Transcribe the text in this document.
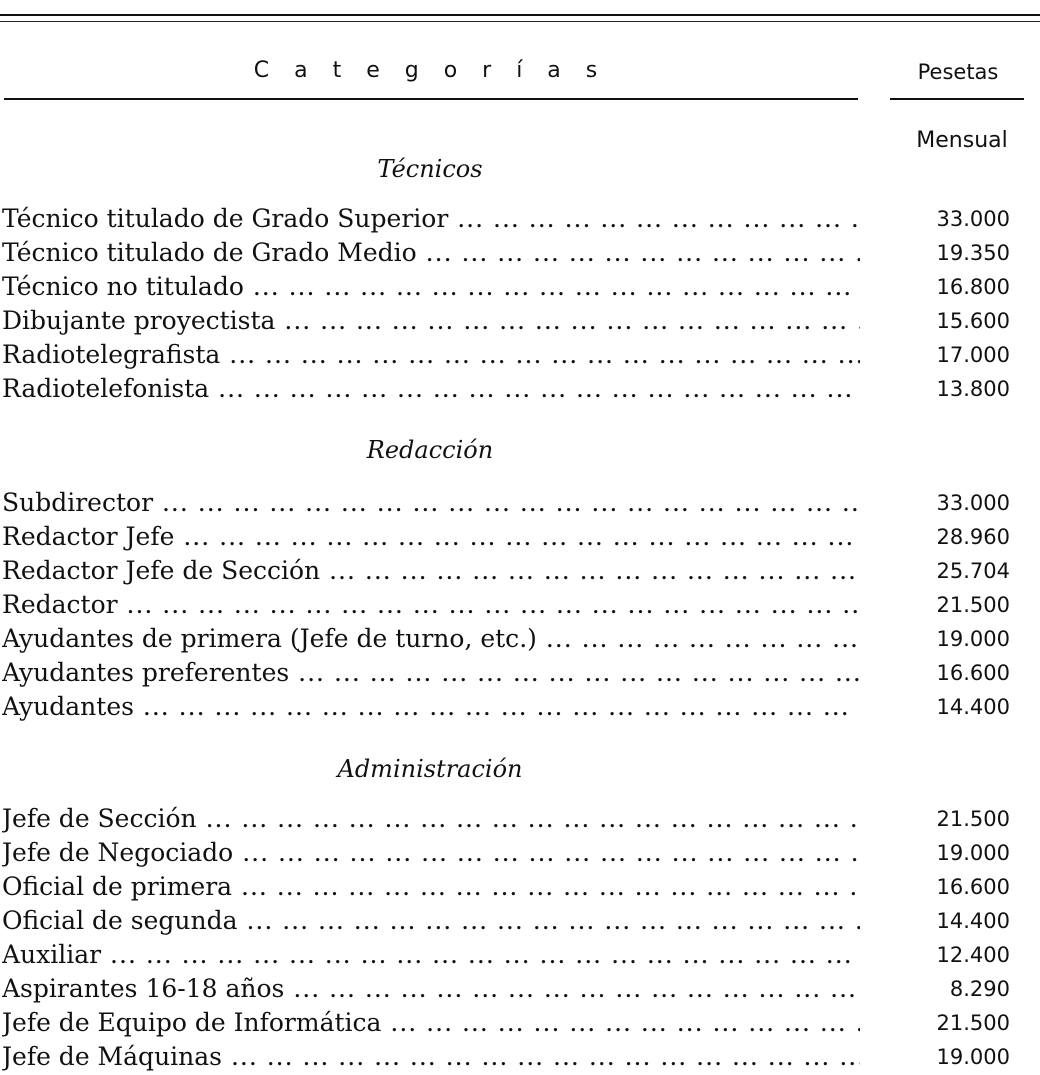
C a t e g o r í a s	Pesetas
Mensual
Técnicos
Técnico titulado de Grado Superior ... .	33.000
Técnico titulado de Grado Medio ... .	19.350
Técnico no titulado ... .	16.800
Dibujante proyectista ... .	15.600
Radiotelegrafista ... .	17.000
Radiotelefonista ... .	13.800
Redacción
Subdirector ... .	33.000
Redactor Jefe ... .	28.960
Redactor Jefe de Sección ... .	25.704
Redactor ... .	21.500
Ayudantes de primera (Jefe de turno, etc.) ... .	19.000
Ayudantes preferentes ... .	16.600
Ayudantes ... .	14.400
Administración
Jefe de Sección ... .	21.500
Jefe de Negociado ... .	19.000
Oficial de primera ... .	16.600
Oficial de segunda ... .	14.400
Auxiliar ... .	12.400
Aspirantes 16-18 años ... .	8.290
Jefe de Equipo de Informática ... .	21.500
Jefe de Máquinas ... .	19.000
